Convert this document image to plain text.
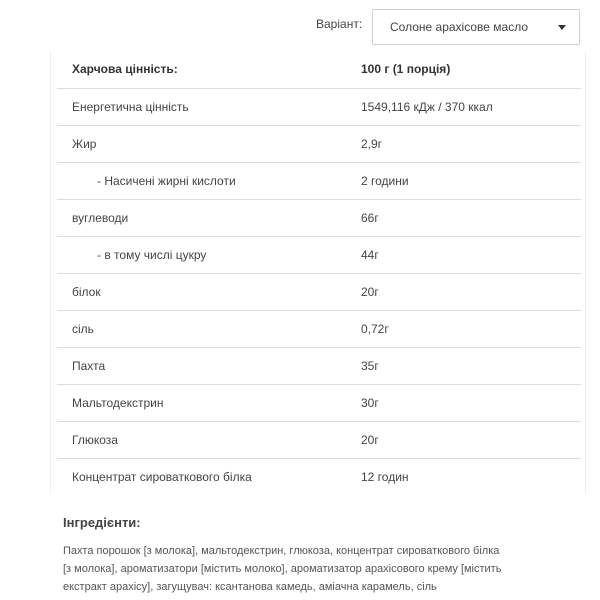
Варіант: Солоне арахісове масло
Харчова цінність:	100 г (1 порція)
Енергетична цінність	1549,116 кДж / 370 ккал
Жир	2,9г
- Насичені жирні кислоти	2 години
вуглеводи	66г
- в тому числі цукру	44г
білок	20г
сіль	0,72г
Пахта	35г
Мальтодекстрин	30г
Глюкоза	20г
Концентрат сироваткового білка	12 годин
Інгредієнти:
Пахта порошок [з молока], мальтодекстрин, глюкоза, концентрат сироваткового білка
[з молока], ароматизатори [містить молоко], ароматизатор арахісового крему [містить
екстракт арахісу], загущувач: ксантанова камедь, аміачна карамель, сіль
